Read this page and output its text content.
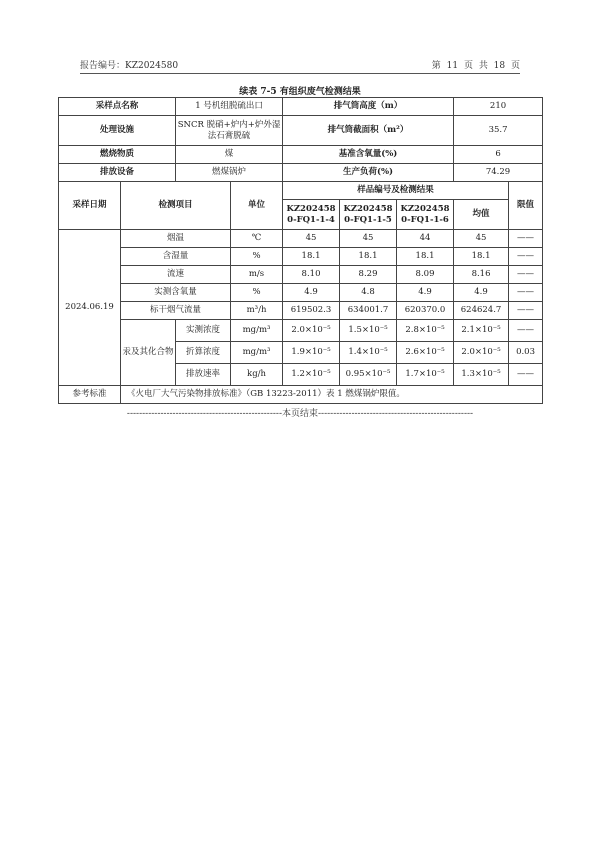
报告编号：KZ2024580	第 11 页 共 18 页
续表 7-5 有组织废气检测结果
采样点名称		1 号机组脱硫出口		排气筒高度（m）			210	
处理设施		SNCR 脱硝+炉内+炉外湿法石膏脱硫		排气筒截面积（m²）			35.7	
燃烧物质		煤		基准含氧量(%)			6	
排放设备		燃煤锅炉		生产负荷(%)			74.29	
采样日期	检测项目		单位	样品编号及检测结果				限值
				KZ2024580-FQ1-1-4	KZ2024580-FQ1-1-5	KZ2024580-FQ1-1-6	均值	
2024.06.19	烟温		℃	45	45	44	45	——
	含湿量		%	18.1	18.1	18.1	18.1	——
	流速		m/s	8.10	8.29	8.09	8.16	——
	实测含氧量		%	4.9	4.8	4.9	4.9	——
	标干烟气流量		m³/h	619502.3	634001.7	620370.0	624624.7	——
	汞及其化合物	实测浓度	mg/m³	2.0×10⁻⁵	1.5×10⁻⁵	2.8×10⁻⁵	2.1×10⁻⁵	——
		折算浓度	mg/m³	1.9×10⁻⁵	1.4×10⁻⁵	2.6×10⁻⁵	2.0×10⁻⁵	0.03
		排放速率	kg/h	1.2×10⁻⁵	0.95×10⁻⁵	1.7×10⁻⁵	1.3×10⁻⁵	——
参考标准	《火电厂大气污染物排放标准》（GB 13223-2011）表 1 燃煤锅炉限值。							
---------------------------------------------------本页结束---------------------------------------------------
